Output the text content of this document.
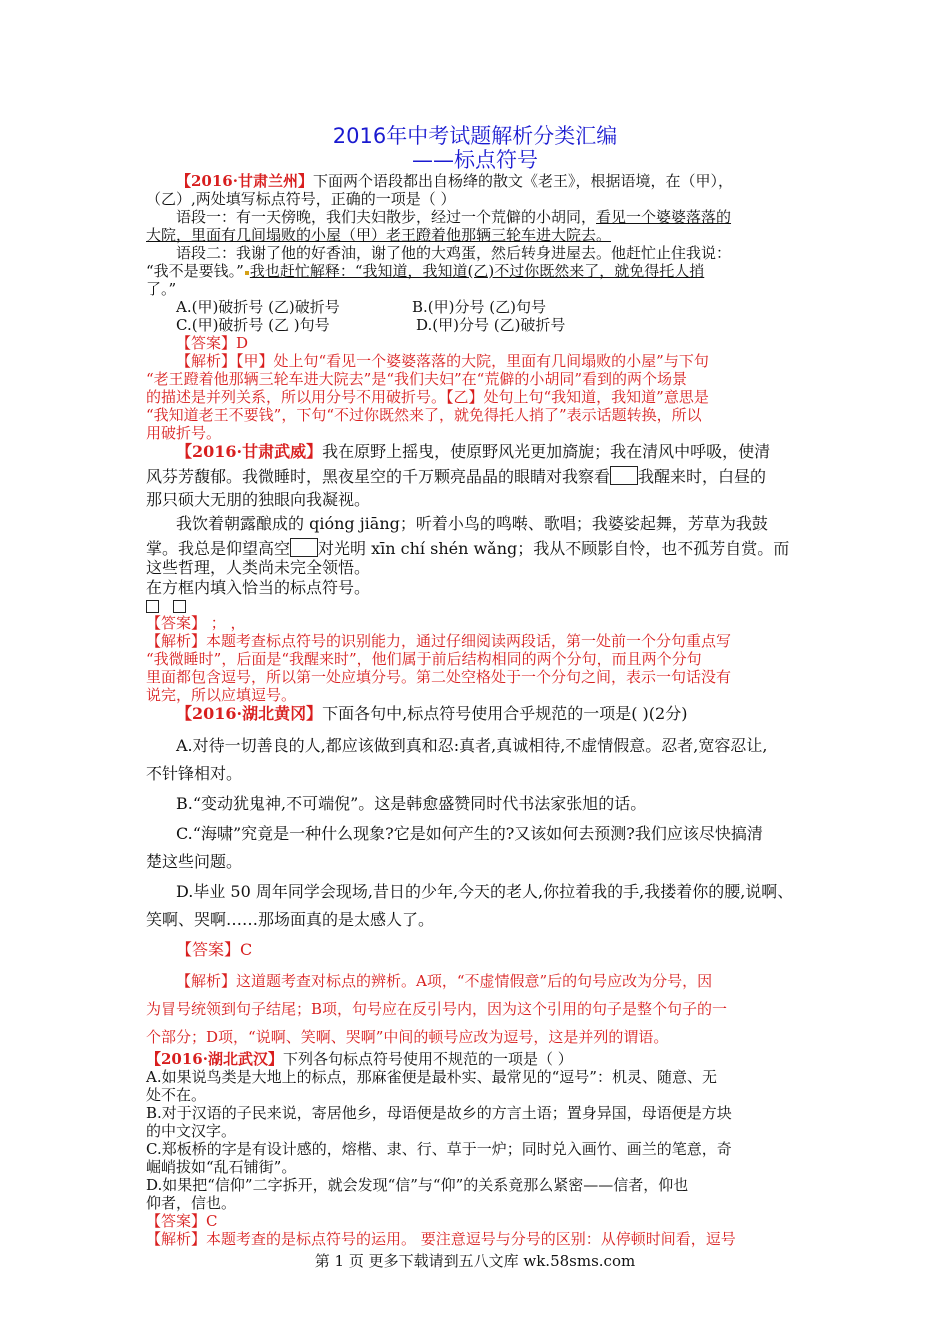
2016年中考试题解析分类汇编
——标点符号
【2016·甘肃兰州】下面两个语段都出自杨绛的散文《老王》，根据语境，在（甲），
（乙）,两处填写标点符号，正确的一项是（ ）
语段一：有一天傍晚，我们夫妇散步，经过一个荒僻的小胡同，看见一个婆婆落落的
大院，里面有几间塌败的小屋（甲）老王蹬着他那辆三轮车进大院去。
语段二：我谢了他的好香油，谢了他的大鸡蛋，然后转身进屋去。他赶忙止住我说：
“我不是要钱。” 我也赶忙解释：“我知道，我知道(乙)不过你既然来了，就免得托人捎
了。”
A.(甲)破折号 (乙)破折号	B.(甲)分号 (乙)句号
C.(甲)破折号 (乙 )句号	D.(甲)分号 (乙)破折号
【答案】D
【解析】【甲】处上句“看见一个婆婆落落的大院，里面有几间塌败的小屋”与下句
“老王蹬着他那辆三轮车进大院去”是“我们夫妇”在“荒僻的小胡同”看到的两个场景
的描述是并列关系，所以用分号不用破折号。【乙】处句上句“我知道，我知道”意思是
“我知道老王不要钱”，下句“不过你既然来了，就免得托人捎了”表示话题转换，所以
用破折号。
【2016·甘肃武威】我在原野上摇曳，使原野风光更加旖旎；我在清风中呼吸，使清
风芬芳馥郁。我微睡时，黑夜星空的千万颗亮晶晶的眼睛对我察看 我醒来时，白昼的
那只硕大无朋的独眼向我凝视。
我饮着朝露酿成的 qióng jiāng；听着小鸟的鸣啭、歌唱；我婆娑起舞，芳草为我鼓
掌。我总是仰望高空 对光明 xīn chí shén wǎng；我从不顾影自怜，也不孤芳自赏。而
这些哲理，人类尚未完全领悟。
在方框内填入恰当的标点符号。
【答案】 ； ，
【解析】本题考查标点符号的识别能力，通过仔细阅读两段话，第一处前一个分句重点写
“我微睡时”，后面是“我醒来时”，他们属于前后结构相同的两个分句，而且两个分句
里面都包含逗号，所以第一处应填分号。第二处空格处于一个分句之间，表示一句话没有
说完，所以应填逗号。
【2016·湖北黄冈】下面各句中,标点符号使用合乎规范的一项是( )(2分)
A.对待一切善良的人,都应该做到真和忍:真者,真诚相待,不虚情假意。忍者,宽容忍让,
不针锋相对。
B.“变动犹鬼神,不可端倪”。这是韩愈盛赞同时代书法家张旭的话。
C.“海啸”究竟是一种什么现象?它是如何产生的?又该如何去预测?我们应该尽快搞清
楚这些问题。
D.毕业 50 周年同学会现场,昔日的少年,今天的老人,你拉着我的手,我搂着你的腰,说啊、
笑啊、哭啊……那场面真的是太感人了。
【答案】C
【解析】这道题考查对标点的辨析。A项，“不虚情假意”后的句号应改为分号，因
为冒号统领到句子结尾；B项，句号应在反引号内，因为这个引用的句子是整个句子的一
个部分；D项，“说啊、笑啊、哭啊”中间的顿号应改为逗号，这是并列的谓语。
【2016·湖北武汉】下列各句标点符号使用不规范的一项是（ ）
A.如果说鸟类是大地上的标点，那麻雀便是最朴实、最常见的“逗号”：机灵、随意、无
处不在。
B.对于汉语的子民来说，寄居他乡，母语便是故乡的方言土语；置身异国，母语便是方块
的中文汉字。
C.郑板桥的字是有设计感的，熔楷、隶、行、草于一炉；同时兑入画竹、画兰的笔意，奇
崛峭拔如“乱石铺街”。
D.如果把“信仰”二字拆开，就会发现“信”与“仰”的关系竟那么紧密——信者，仰也
仰者，信也。
【答案】C
【解析】本题考查的是标点符号的运用。 要注意逗号与分号的区别：从停顿时间看，逗号
第 1 页 更多下载请到五八文库 wk.58sms.com
